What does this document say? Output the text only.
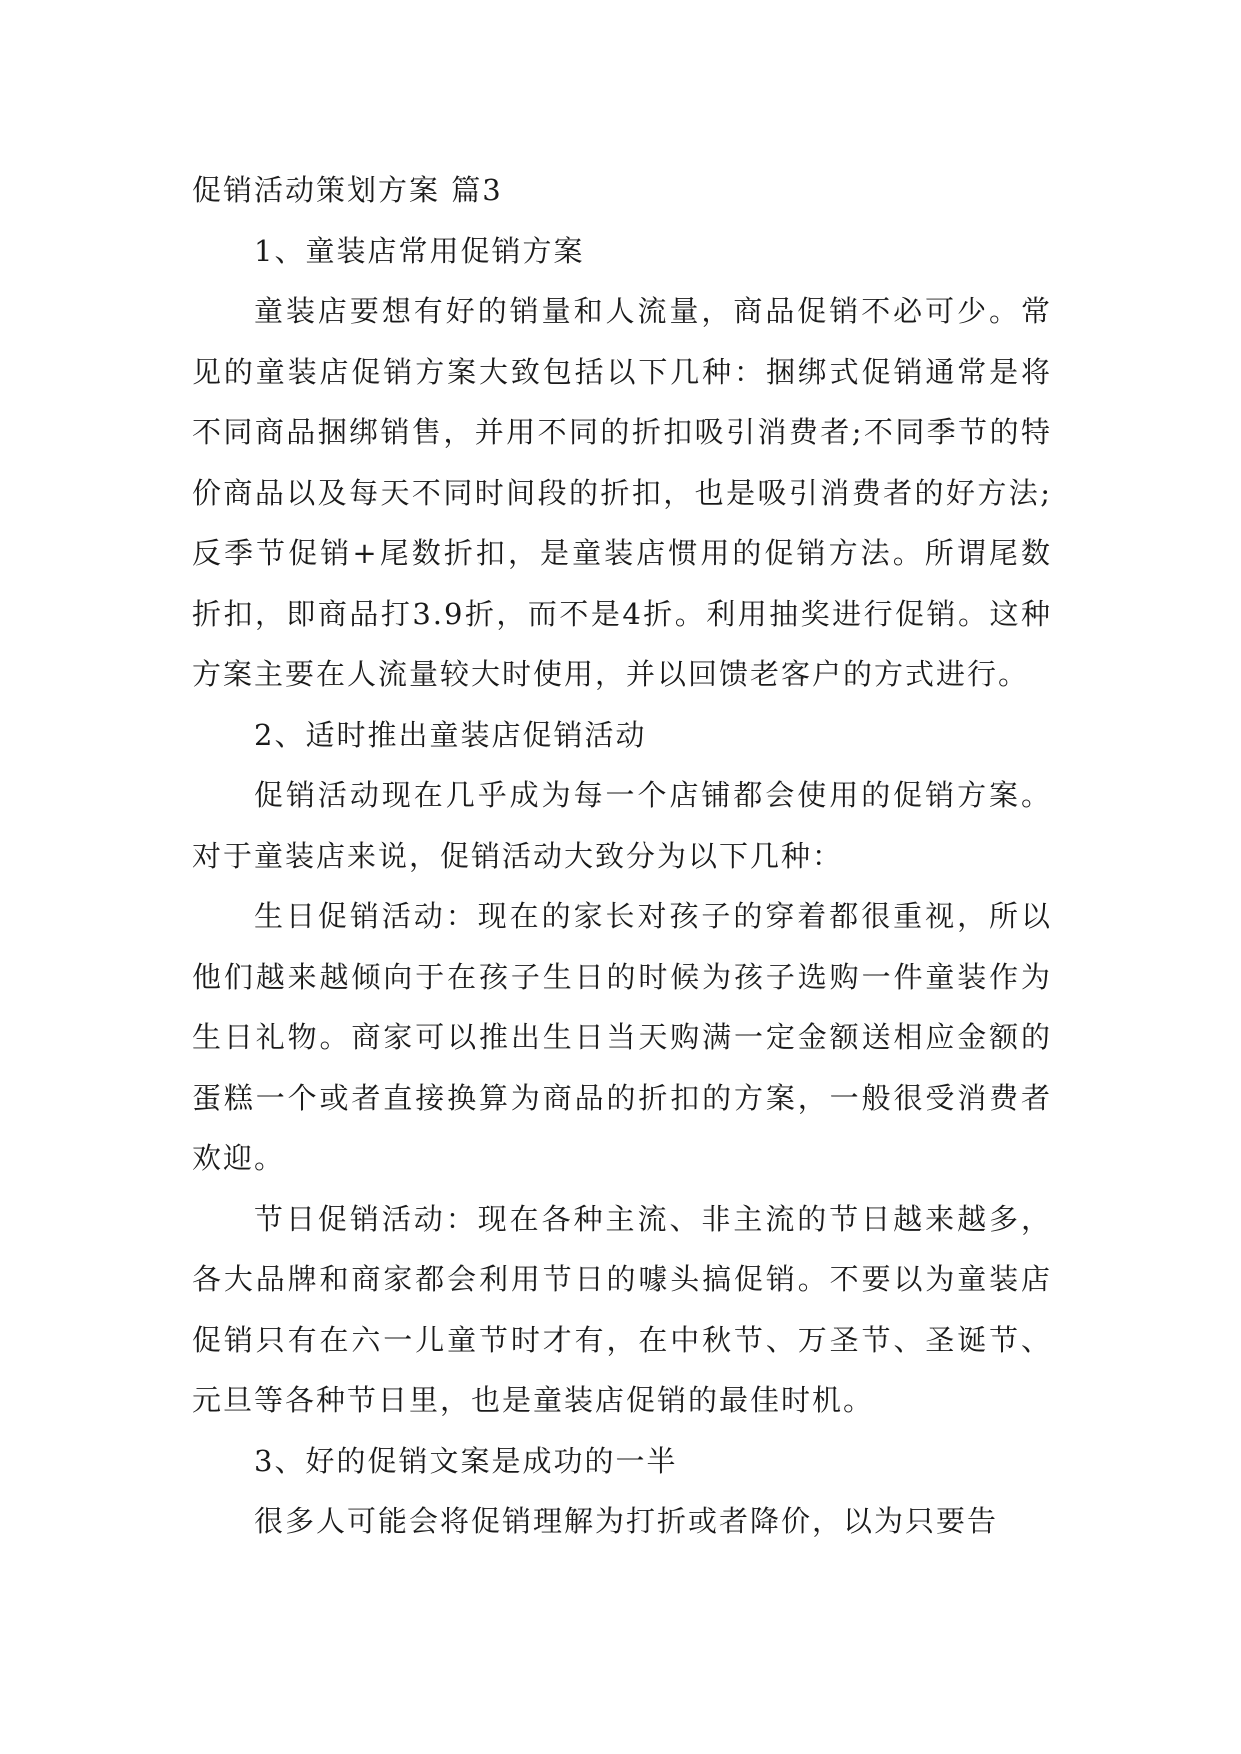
促销活动策划方案 篇3

1、童装店常用促销方案

童装店要想有好的销量和人流量，商品促销不必可少。常见的童装店促销方案大致包括以下几种：捆绑式促销通常是将不同商品捆绑销售，并用不同的折扣吸引消费者;不同季节的特价商品以及每天不同时间段的折扣，也是吸引消费者的好方法;反季节促销+尾数折扣，是童装店惯用的促销方法。所谓尾数折扣，即商品打3.9折，而不是4折。利用抽奖进行促销。这种方案主要在人流量较大时使用，并以回馈老客户的方式进行。

2、适时推出童装店促销活动

促销活动现在几乎成为每一个店铺都会使用的促销方案。对于童装店来说，促销活动大致分为以下几种：

生日促销活动：现在的家长对孩子的穿着都很重视，所以他们越来越倾向于在孩子生日的时候为孩子选购一件童装作为生日礼物。商家可以推出生日当天购满一定金额送相应金额的蛋糕一个或者直接换算为商品的折扣的方案，一般很受消费者欢迎。

节日促销活动：现在各种主流、非主流的节日越来越多，各大品牌和商家都会利用节日的噱头搞促销。不要以为童装店促销只有在六一儿童节时才有，在中秋节、万圣节、圣诞节、元旦等各种节日里，也是童装店促销的最佳时机。

3、好的促销文案是成功的一半

很多人可能会将促销理解为打折或者降价，以为只要告
